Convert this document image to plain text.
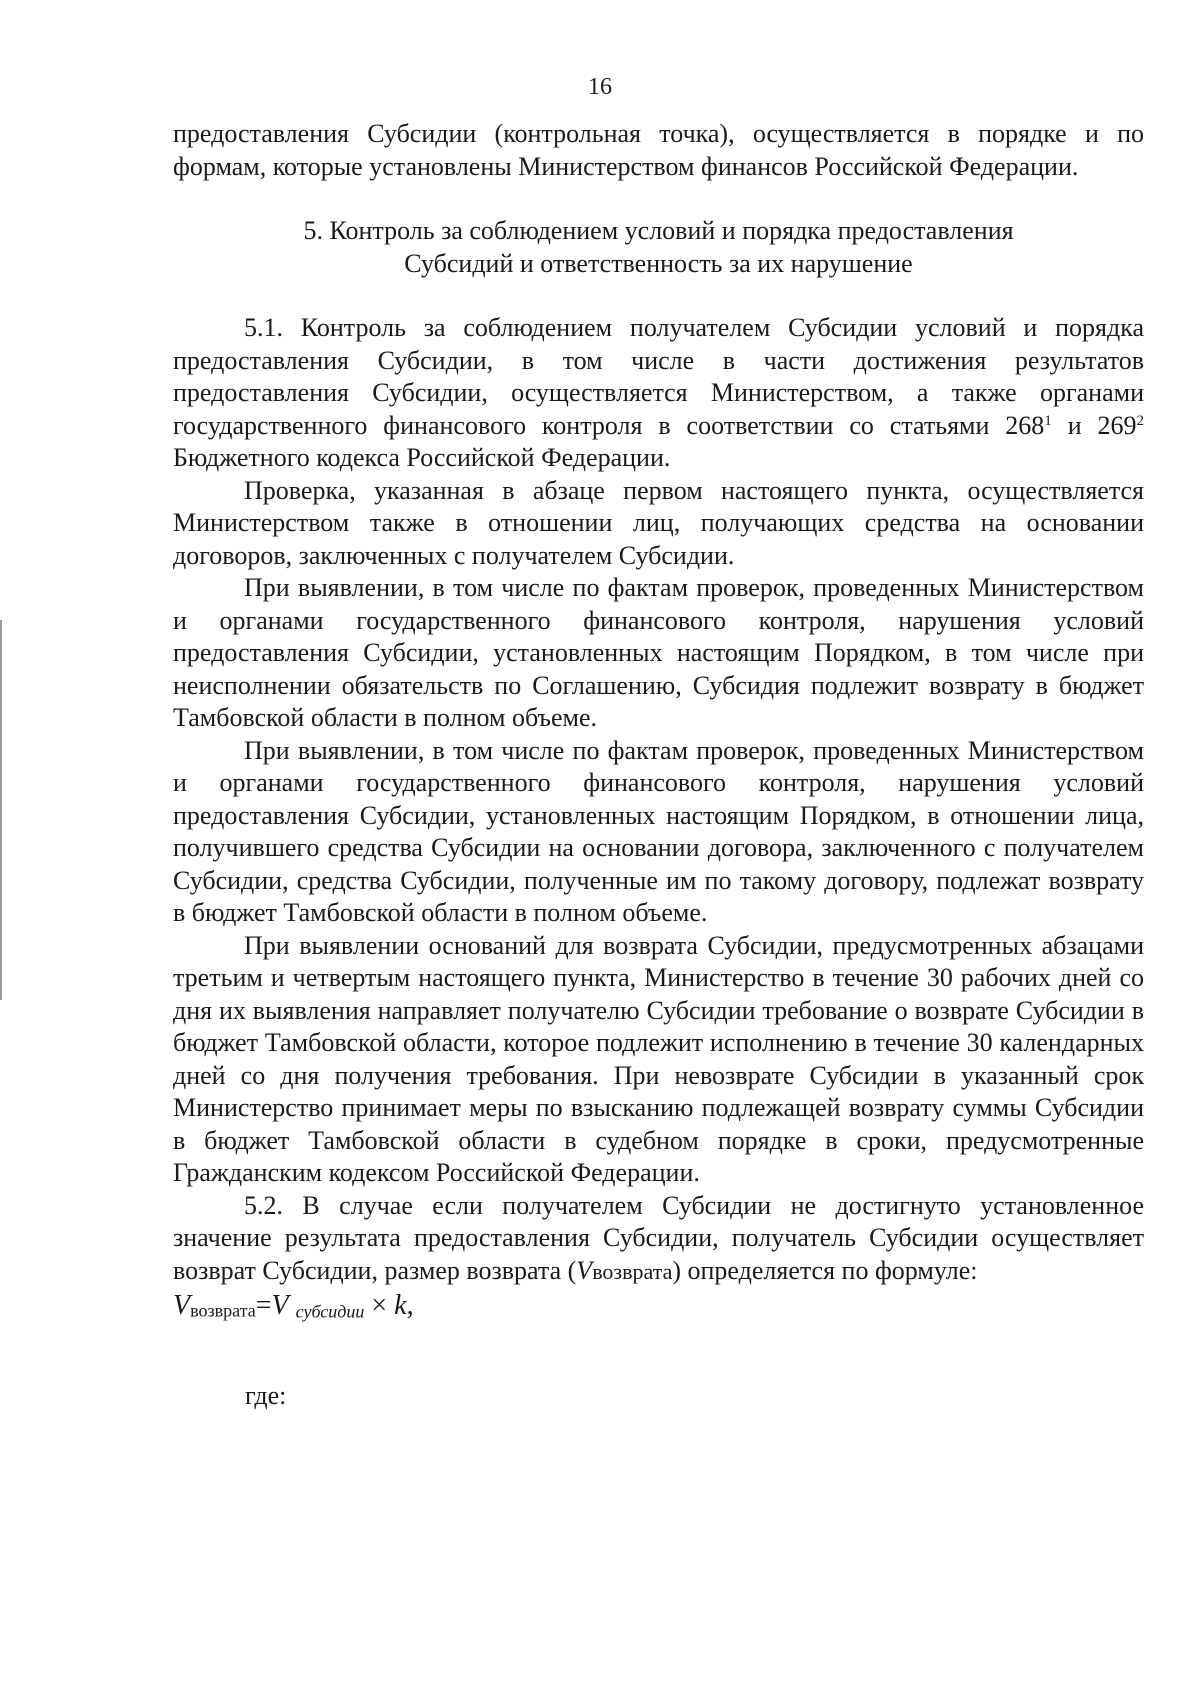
16

предоставления Субсидии (контрольная точка), осуществляется в порядке и по формам, которые установлены Министерством финансов Российской Федерации.

5. Контроль за соблюдением условий и порядка предоставления
Субсидий и ответственность за их нарушение

5.1. Контроль за соблюдением получателем Субсидии условий и порядка предоставления Субсидии, в том числе в части достижения результатов предоставления Субсидии, осуществляется Министерством, а также органами государственного финансового контроля в соответствии со статьями $268^1$ и $269^2$ Бюджетного кодекса Российской Федерации.

Проверка, указанная в абзаце первом настоящего пункта, осуществляется Министерством также в отношении лиц, получающих средства на основании договоров, заключенных с получателем Субсидии.

При выявлении, в том числе по фактам проверок, проведенных Министерством и органами государственного финансового контроля, нарушения условий предоставления Субсидии, установленных настоящим Порядком, в том числе при неисполнении обязательств по Соглашению, Субсидия подлежит возврату в бюджет Тамбовской области в полном объеме.

При выявлении, в том числе по фактам проверок, проведенных Министерством и органами государственного финансового контроля, нарушения условий предоставления Субсидии, установленных настоящим Порядком, в отношении лица, получившего средства Субсидии на основании договора, заключенного с получателем Субсидии, средства Субсидии, полученные им по такому договору, подлежат возврату в бюджет Тамбовской области в полном объеме.

При выявлении оснований для возврата Субсидии, предусмотренных абзацами третьим и четвертым настоящего пункта, Министерство в течение 30 рабочих дней со дня их выявления направляет получателю Субсидии требование о возврате Субсидии в бюджет Тамбовской области, которое подлежит исполнению в течение 30 календарных дней со дня получения требования. При невозврате Субсидии в указанный срок Министерство принимает меры по взысканию подлежащей возврату суммы Субсидии в бюджет Тамбовской области в судебном порядке в сроки, предусмотренные Гражданским кодексом Российской Федерации.

5.2. В случае если получателем Субсидии не достигнуто установленное значение результата предоставления Субсидии, получатель Субсидии осуществляет возврат Субсидии, размер возврата (Vвозврата) определяется по формуле:

Vвозврата=V субсидии × k,

где:
